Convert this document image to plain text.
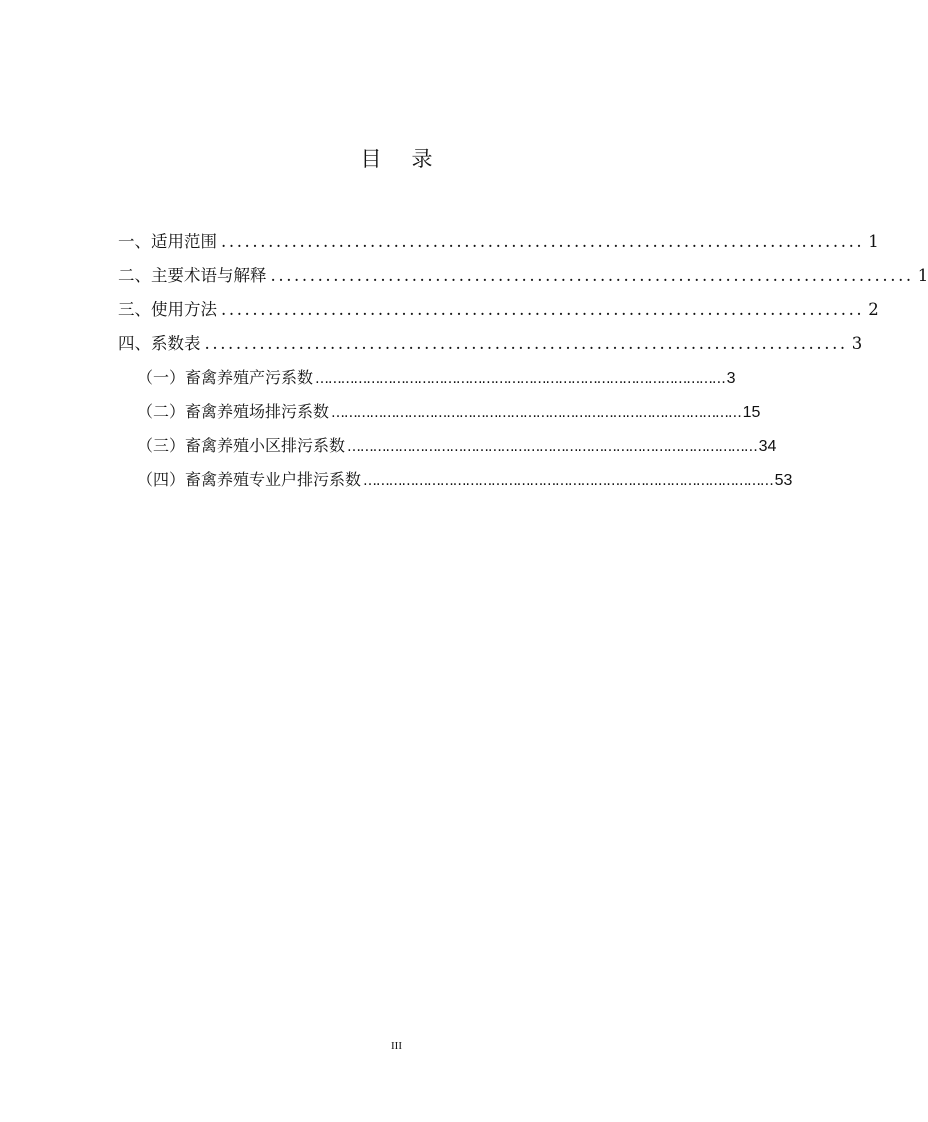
目 录
一、适用范围 .................................................................................. 1
二、主要术语与解释 .................................................................................. 1
三、使用方法 .................................................................................. 2
四、系数表 .................................................................................. 3
（一）畜禽养殖产污系数 …………………………………………………………………………………… 3
（二）畜禽养殖场排污系数 …………………………………………………………………………………… 15
（三）畜禽养殖小区排污系数 …………………………………………………………………………………… 34
（四）畜禽养殖专业户排污系数 …………………………………………………………………………………… 53
III
